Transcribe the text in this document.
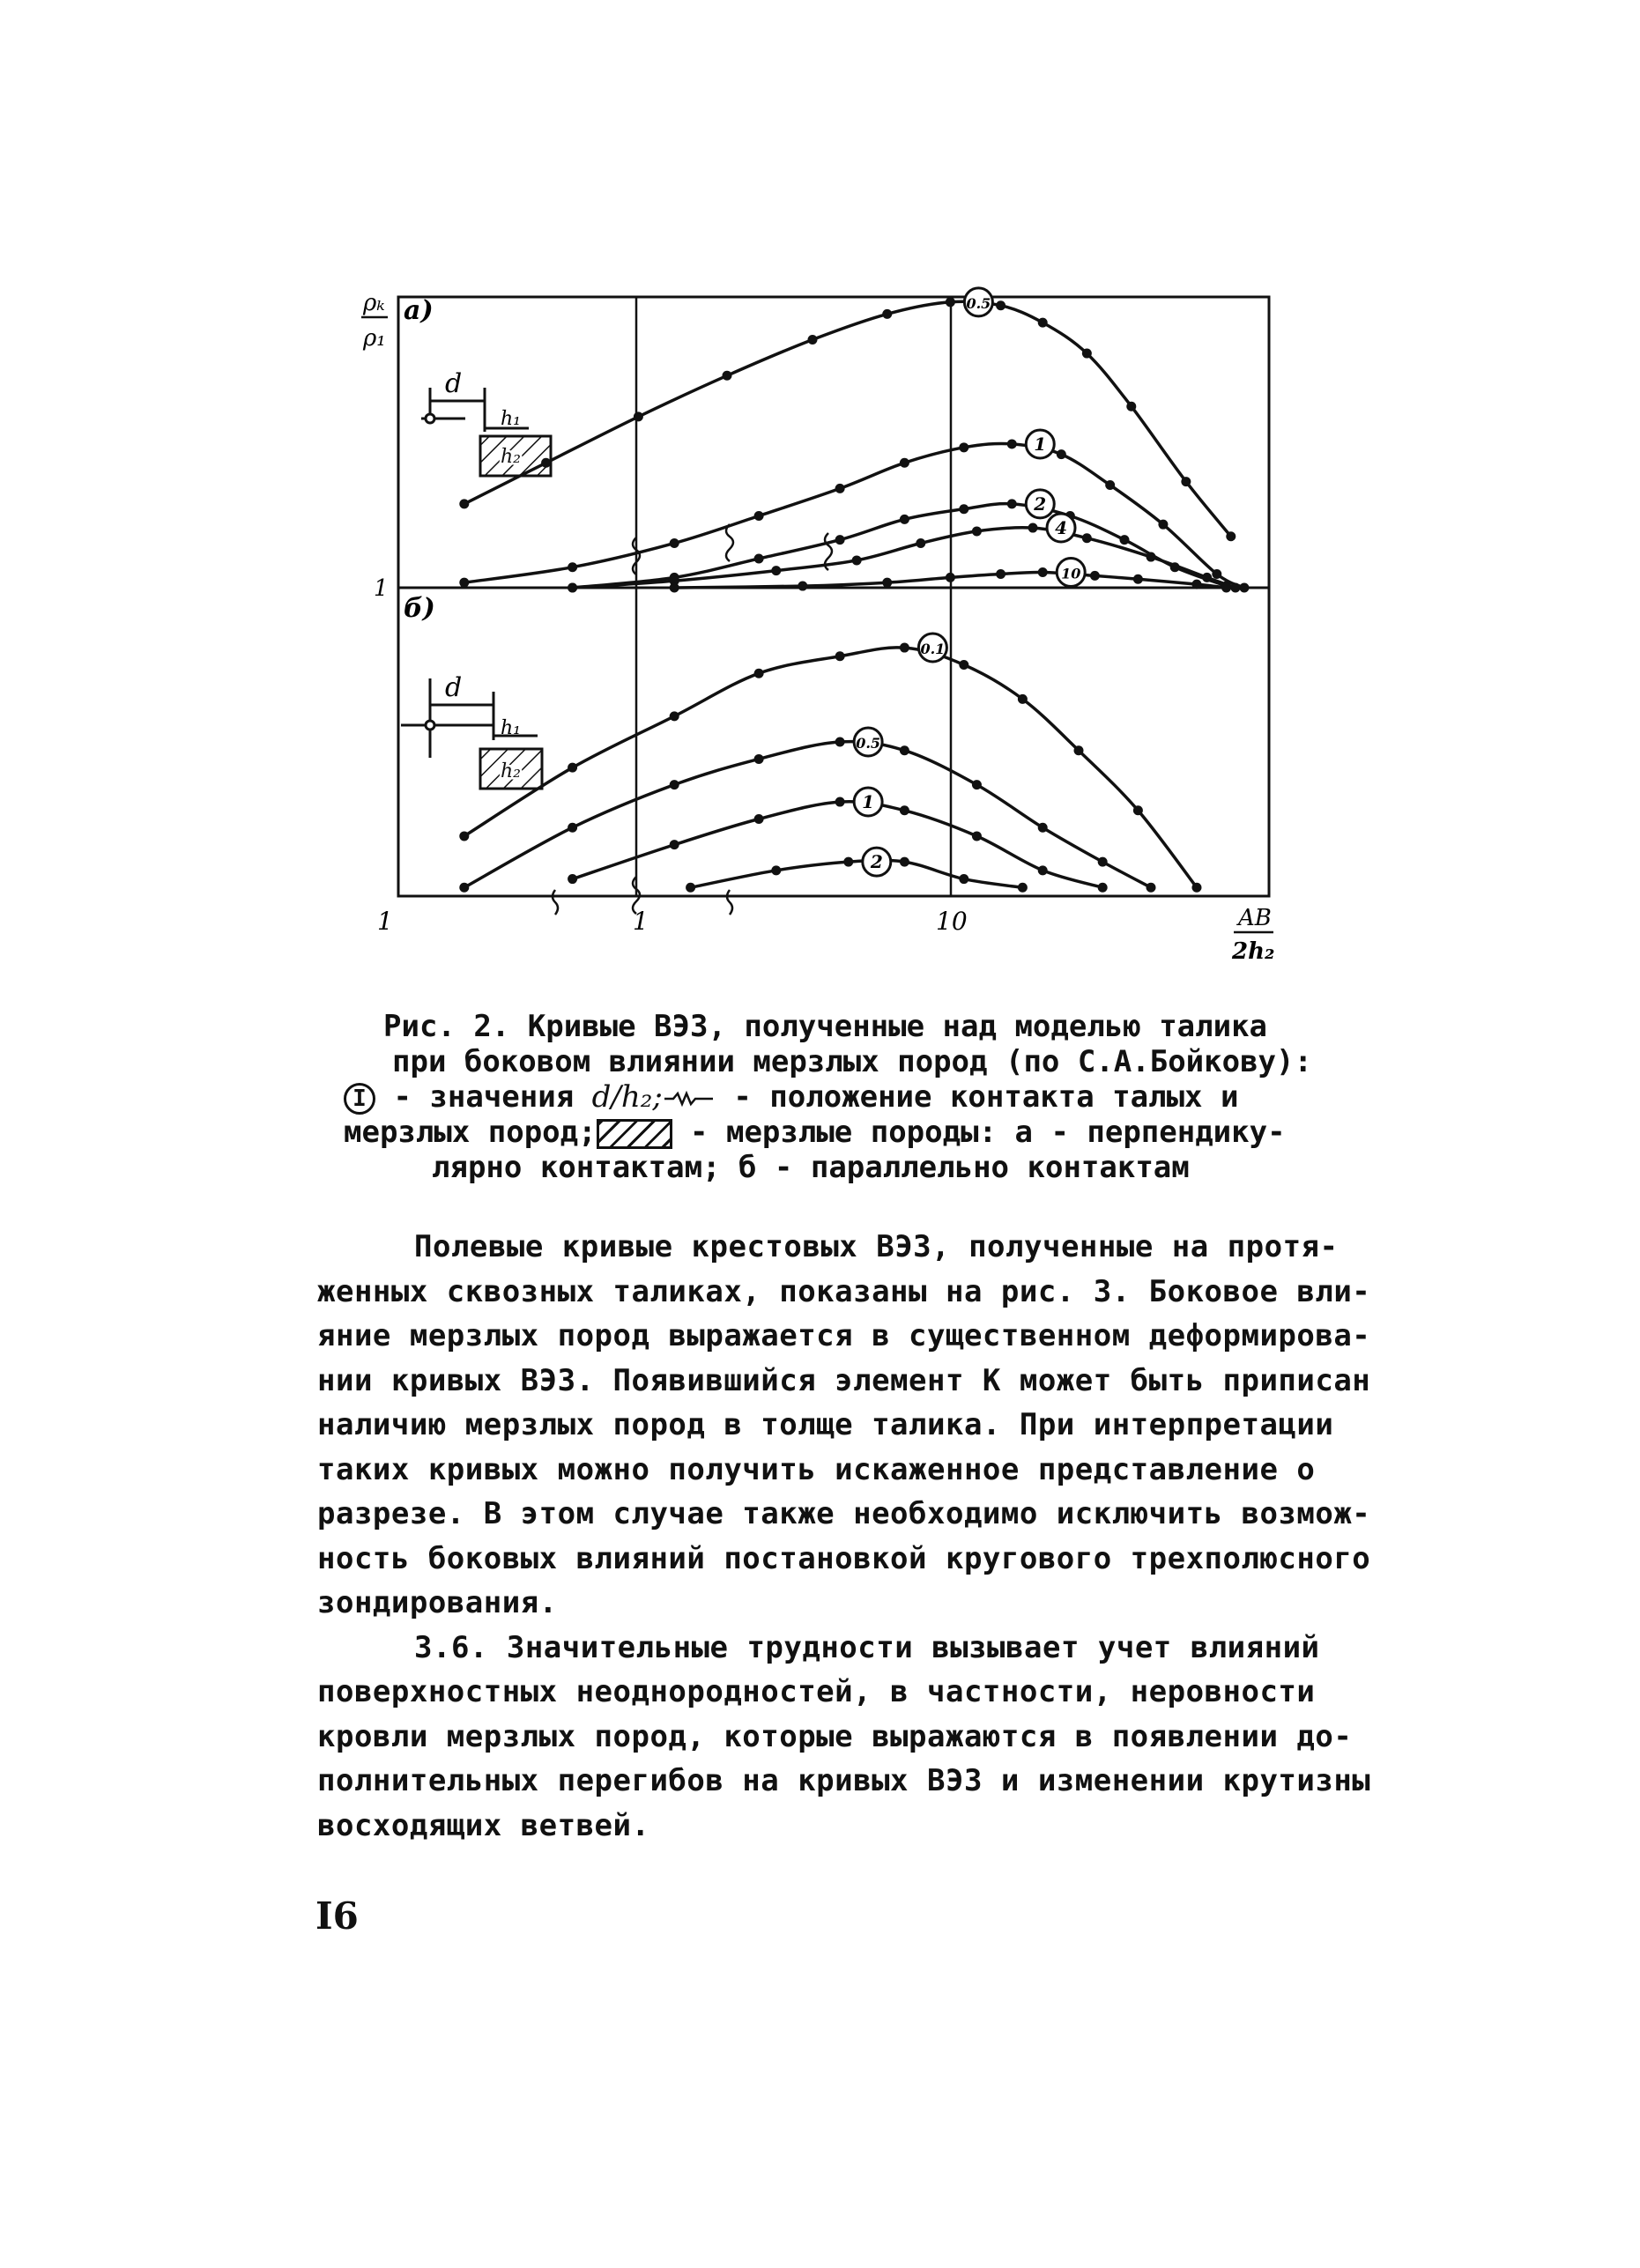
а)
б)
ρₖ
ρ₁
1
1	1	10	AB
2h₂
d
h₁
h₂
d
h₁
h₂
0.5
1
2
4
10
0.1
0.5
1
2
Рис. 2. Кривые ВЭЗ, полученные над моделью талика
при боковом влиянии мерзлых пород (по С.А.Бойкову):
I - значения d/h₂; - положение контакта талых и
мерзлых пород;	- мерзлые породы: а - перпендику-
лярно контактам; б - параллельно контактам
Полевые кривые крестовых ВЭЗ, полученные на протя-
женных сквозных таликах, показаны на рис. 3. Боковое вли-
яние мерзлых пород выражается в существенном деформирова-
нии кривых ВЭЗ. Появившийся элемент К может быть приписан
наличию мерзлых пород в толще талика. При интерпретации
таких кривых можно получить искаженное представление о
разрезе. В этом случае также необходимо исключить возмож-
ность боковых влияний постановкой кругового трехполюсного
зондирования.
3.6. Значительные трудности вызывает учет влияний
поверхностных неоднородностей, в частности, неровности
кровли мерзлых пород, которые выражаются в появлении до-
полнительных перегибов на кривых ВЭЗ и изменении крутизны
восходящих ветвей.
I6
